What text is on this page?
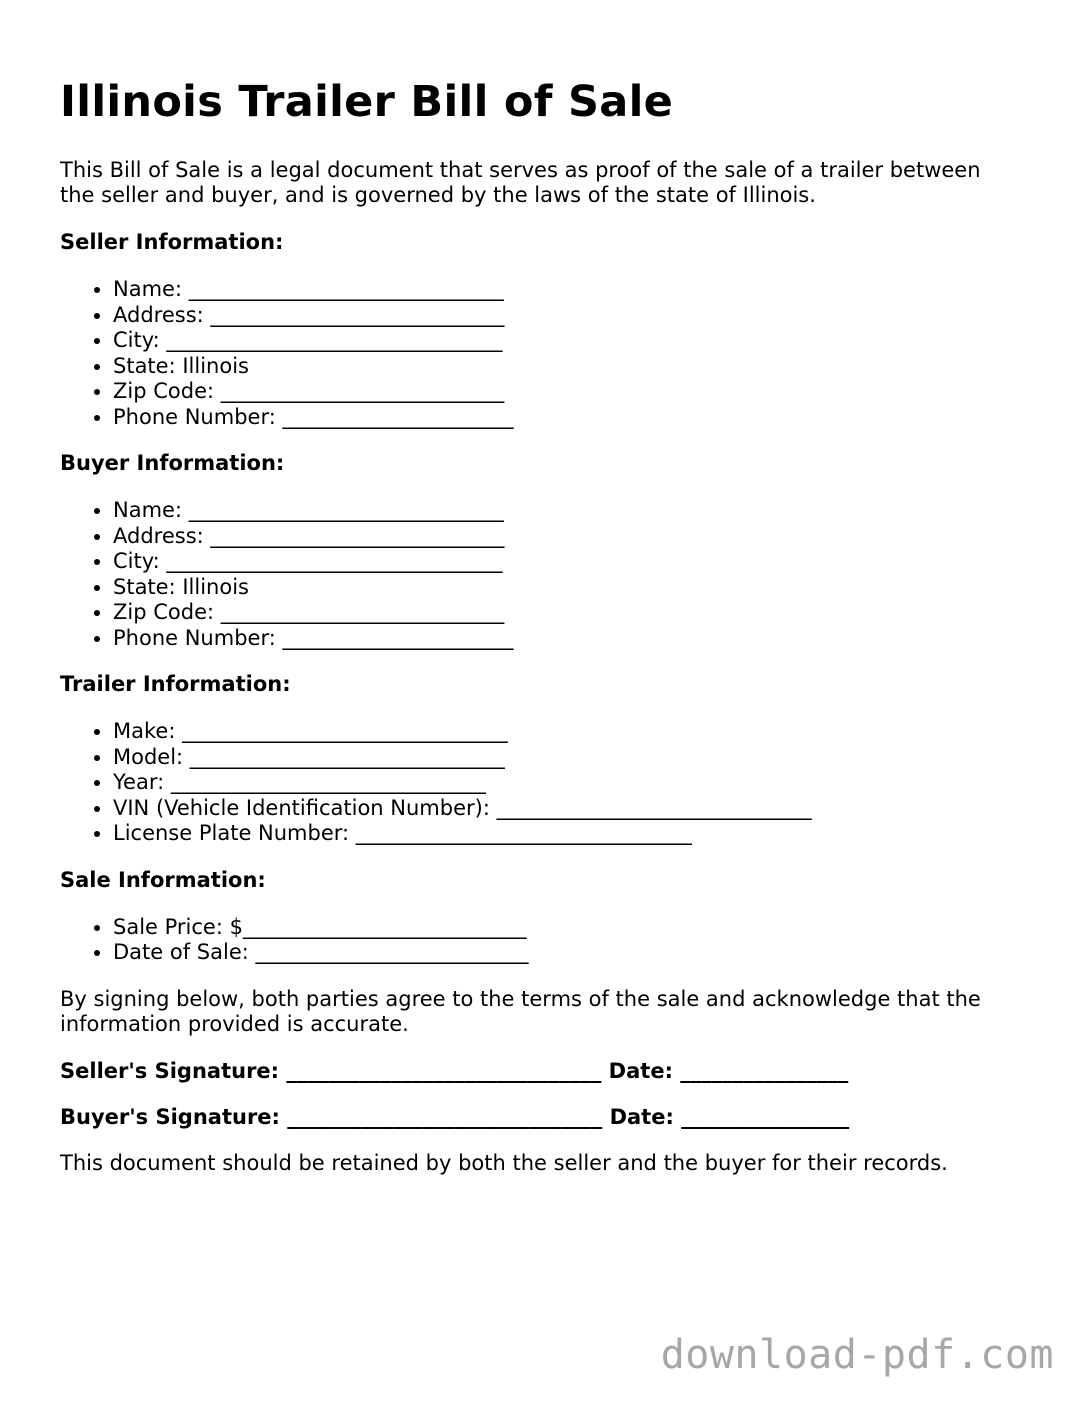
Illinois Trailer Bill of Sale

This Bill of Sale is a legal document that serves as proof of the sale of a trailer between the seller and buyer, and is governed by the laws of the state of Illinois.

Seller Information:
• Name: ______________________________
• Address: ____________________________
• City: ________________________________
• State: Illinois
• Zip Code: ___________________________
• Phone Number: ______________________
Buyer Information:
• Name: ______________________________
• Address: ____________________________
• City: ________________________________
• State: Illinois
• Zip Code: ___________________________
• Phone Number: ______________________
Trailer Information:
• Make: _______________________________
• Model: ______________________________
• Year: ______________________________
• VIN (Vehicle Identification Number): ______________________________
• License Plate Number: ________________________________
Sale Information:
• Sale Price: $___________________________
• Date of Sale: __________________________

By signing below, both parties agree to the terms of the sale and acknowledge that the information provided is accurate.

Seller's Signature: ______________________________ Date: ________________
Buyer's Signature: ______________________________ Date: ________________

This document should be retained by both the seller and the buyer for their records.

download-pdf.com
